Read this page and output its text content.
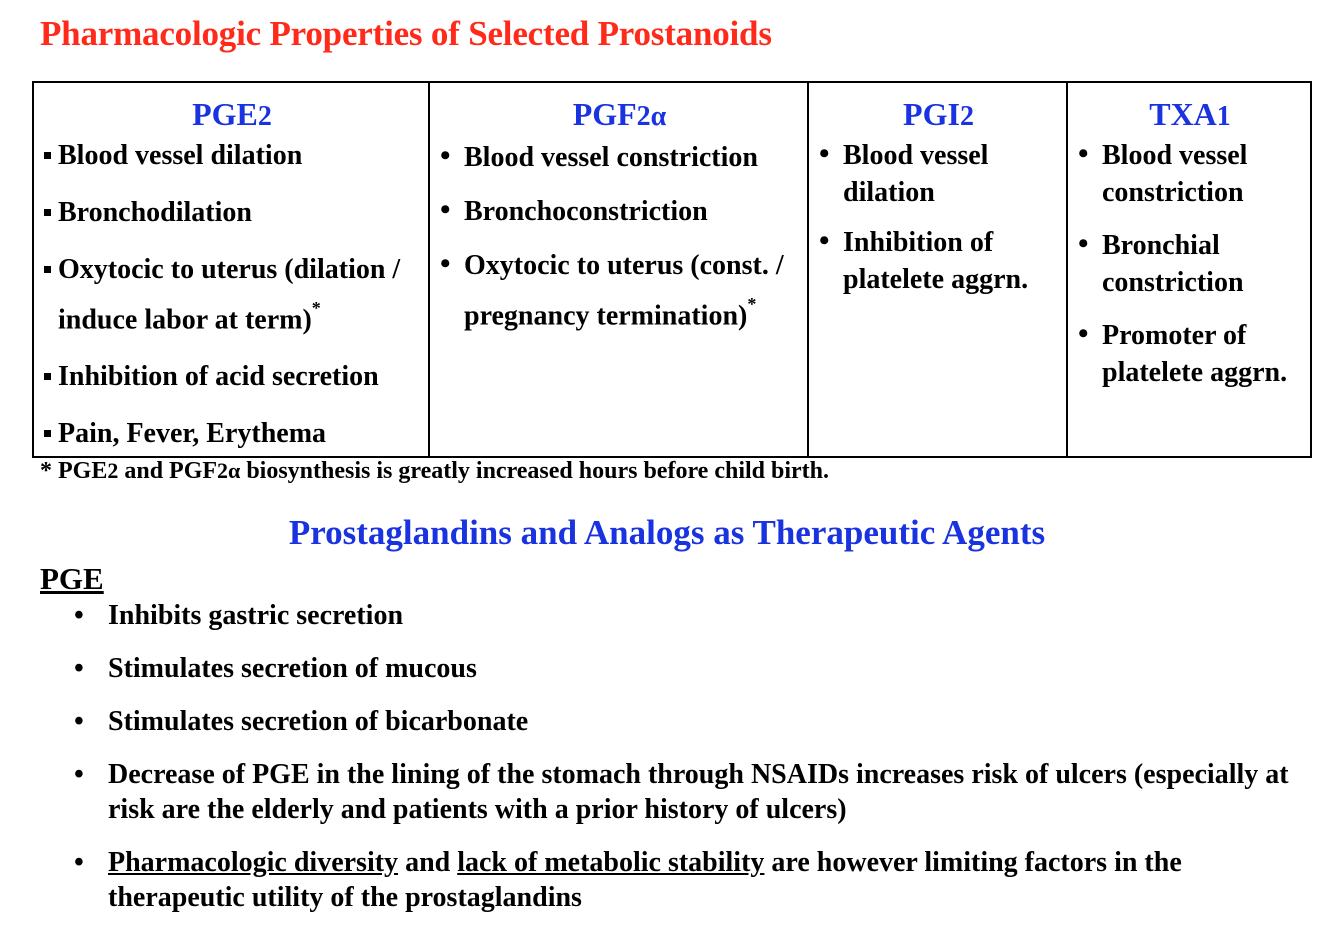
Pharmacologic Properties of Selected Prostanoids
PGE2
Blood vessel dilation
Bronchodilation
Oxytocic to uterus (dilation / induce labor at term)*
Inhibition of acid secretion
Pain, Fever, Erythema

PGF2α
• Blood vessel constriction
• Bronchoconstriction
• Oxytocic to uterus (const. / pregnancy termination)*

PGI2
• Blood vessel dilation
• Inhibition of platelete aggrn.

TXA1
• Blood vessel constriction
• Bronchial constriction
• Promoter of platelete aggrn.

* PGE2 and PGF2α biosynthesis is greatly increased hours before child birth.

Prostaglandins and Analogs as Therapeutic Agents
PGE
• Inhibits gastric secretion
• Stimulates secretion of mucous
• Stimulates secretion of bicarbonate
• Decrease of PGE in the lining of the stomach through NSAIDs increases risk of ulcers (especially at risk are the elderly and patients with a prior history of ulcers)
• Pharmacologic diversity and lack of metabolic stability are however limiting factors in the therapeutic utility of the prostaglandins
